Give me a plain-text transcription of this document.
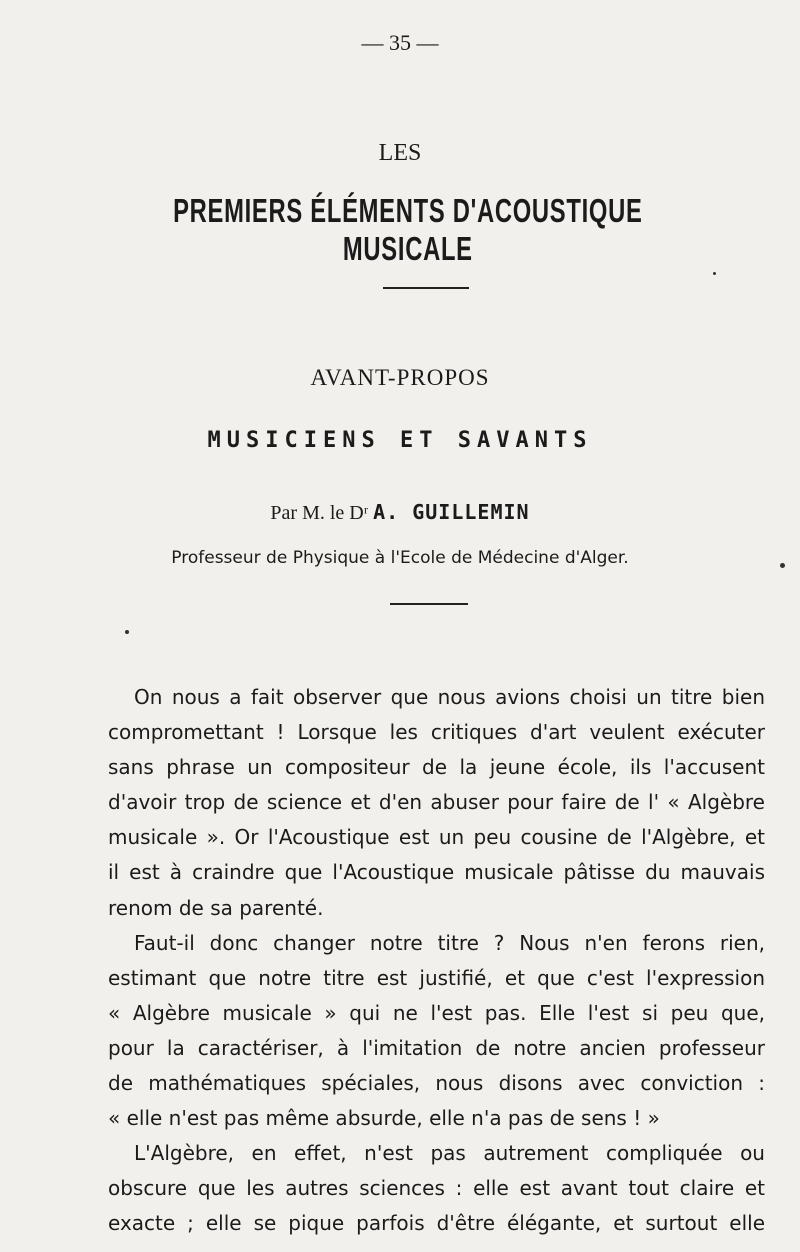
— 35 —
LES
PREMIERS ÉLÉMENTS D'ACOUSTIQUE MUSICALE
AVANT-PROPOS
MUSICIENS ET SAVANTS
Par M. le Dʳ A. GUILLEMIN
Professeur de Physique à l'Ecole de Médecine d'Alger.
On nous a fait observer que nous avions choisi un titre bien
compromettant ! Lorsque les critiques d'art veulent exécuter
sans phrase un compositeur de la jeune école, ils l'accusent
d'avoir trop de science et d'en abuser pour faire de l' « Algèbre
musicale ». Or l'Acoustique est un peu cousine de l'Algèbre, et
il est à craindre que l'Acoustique musicale pâtisse du mauvais
renom de sa parenté.
Faut-il donc changer notre titre ? Nous n'en ferons rien,
estimant que notre titre est justifié, et que c'est l'expression
« Algèbre musicale » qui ne l'est pas. Elle l'est si peu que,
pour la caractériser, à l'imitation de notre ancien professeur
de mathématiques spéciales, nous disons avec conviction :
« elle n'est pas même absurde, elle n'a pas de sens ! »
L'Algèbre, en effet, n'est pas autrement compliquée ou
obscure que les autres sciences : elle est avant tout claire et
exacte ; elle se pique parfois d'être élégante, et surtout elle
